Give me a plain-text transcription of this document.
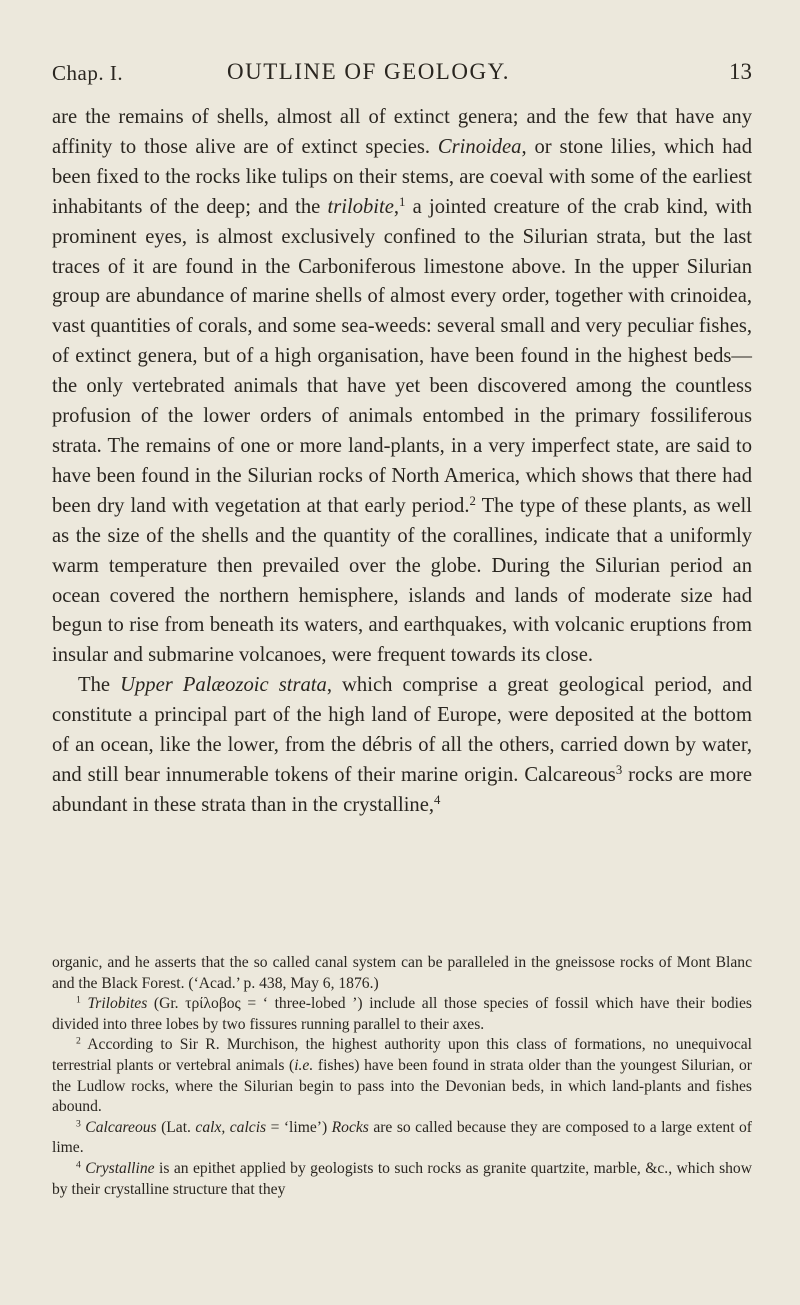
Chap. I.	OUTLINE OF GEOLOGY.	13

are the remains of shells, almost all of extinct genera; and the few that have any affinity to those alive are of extinct species. Crinoidea, or stone lilies, which had been fixed to the rocks like tulips on their stems, are coeval with some of the earliest inhabitants of the deep; and the trilobite,$^1$ a jointed creature of the crab kind, with prominent eyes, is almost exclusively confined to the Silurian strata, but the last traces of it are found in the Carboniferous limestone above. In the upper Silurian group are abundance of marine shells of almost every order, together with crinoidea, vast quantities of corals, and some sea-weeds: several small and very peculiar fishes, of extinct genera, but of a high organisation, have been found in the highest beds—the only vertebrated animals that have yet been discovered among the countless profusion of the lower orders of animals entombed in the primary fossiliferous strata. The remains of one or more land-plants, in a very imperfect state, are said to have been found in the Silurian rocks of North America, which shows that there had been dry land with vegetation at that early period.$^2$ The type of these plants, as well as the size of the shells and the quantity of the corallines, indicate that a uniformly warm temperature then prevailed over the globe. During the Silurian period an ocean covered the northern hemisphere, islands and lands of moderate size had begun to rise from beneath its waters, and earthquakes, with volcanic eruptions from insular and submarine volcanoes, were frequent towards its close.

The Upper Palæozoic strata, which comprise a great geological period, and constitute a principal part of the high land of Europe, were deposited at the bottom of an ocean, like the lower, from the débris of all the others, carried down by water, and still bear innumerable tokens of their marine origin. Calcareous$^3$ rocks are more abundant in these strata than in the crystalline,$^4$

organic, and he asserts that the so called canal system can be paralleled in the gneissose rocks of Mont Blanc and the Black Forest. (‘Acad.’ p. 438, May 6, 1876.)

$^1$ Trilobites (Gr. τρίλοβος = ‘ three-lobed ’) include all those species of fossil which have their bodies divided into three lobes by two fissures running parallel to their axes.

$^2$ According to Sir R. Murchison, the highest authority upon this class of formations, no unequivocal terrestrial plants or vertebral animals (i.e. fishes) have been found in strata older than the youngest Silurian, or the Ludlow rocks, where the Silurian begin to pass into the Devonian beds, in which land-plants and fishes abound.

$^3$ Calcareous (Lat. calx, calcis = ‘lime’) Rocks are so called because they are composed to a large extent of lime.

$^4$ Crystalline is an epithet applied by geologists to such rocks as granite quartzite, marble, &c., which show by their crystalline structure that they
